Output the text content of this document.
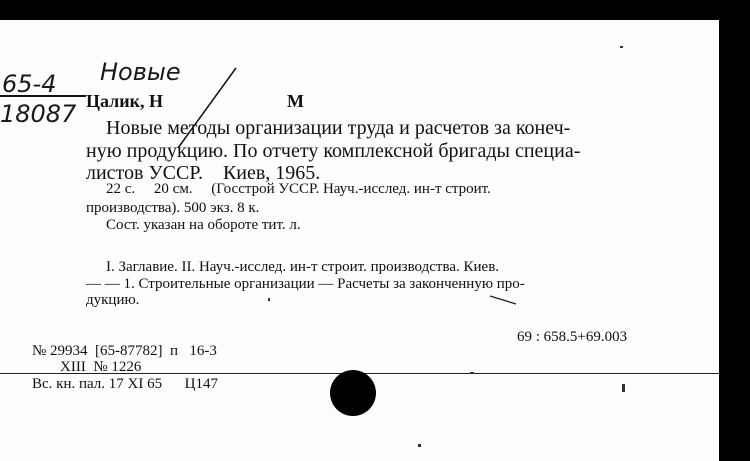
Новые
65-4
18087 Цалик, Н	М
Новые методы организации труда и расчетов за конеч-
ную продукцию. По отчету комплексной бригады специа-
листов УССР.    Киев, 1965.
22 с.     20 см.     (Госстрой УССР. Науч.-исслед. ин-т строит.
производства). 500 экз. 8 к.
Сост. указан на обороте тит. л.
I. Заглавие. II. Науч.-исслед. ин-т строит. производства. Киев.
— — 1. Строительные организации — Расчеты за законченную про-
дукцию.
69 : 658.5+69.003
№ 29934  [65-87782]  п   16-3
XIII  № 1226
Вс. кн. пал. 17 XI 65      Ц147
